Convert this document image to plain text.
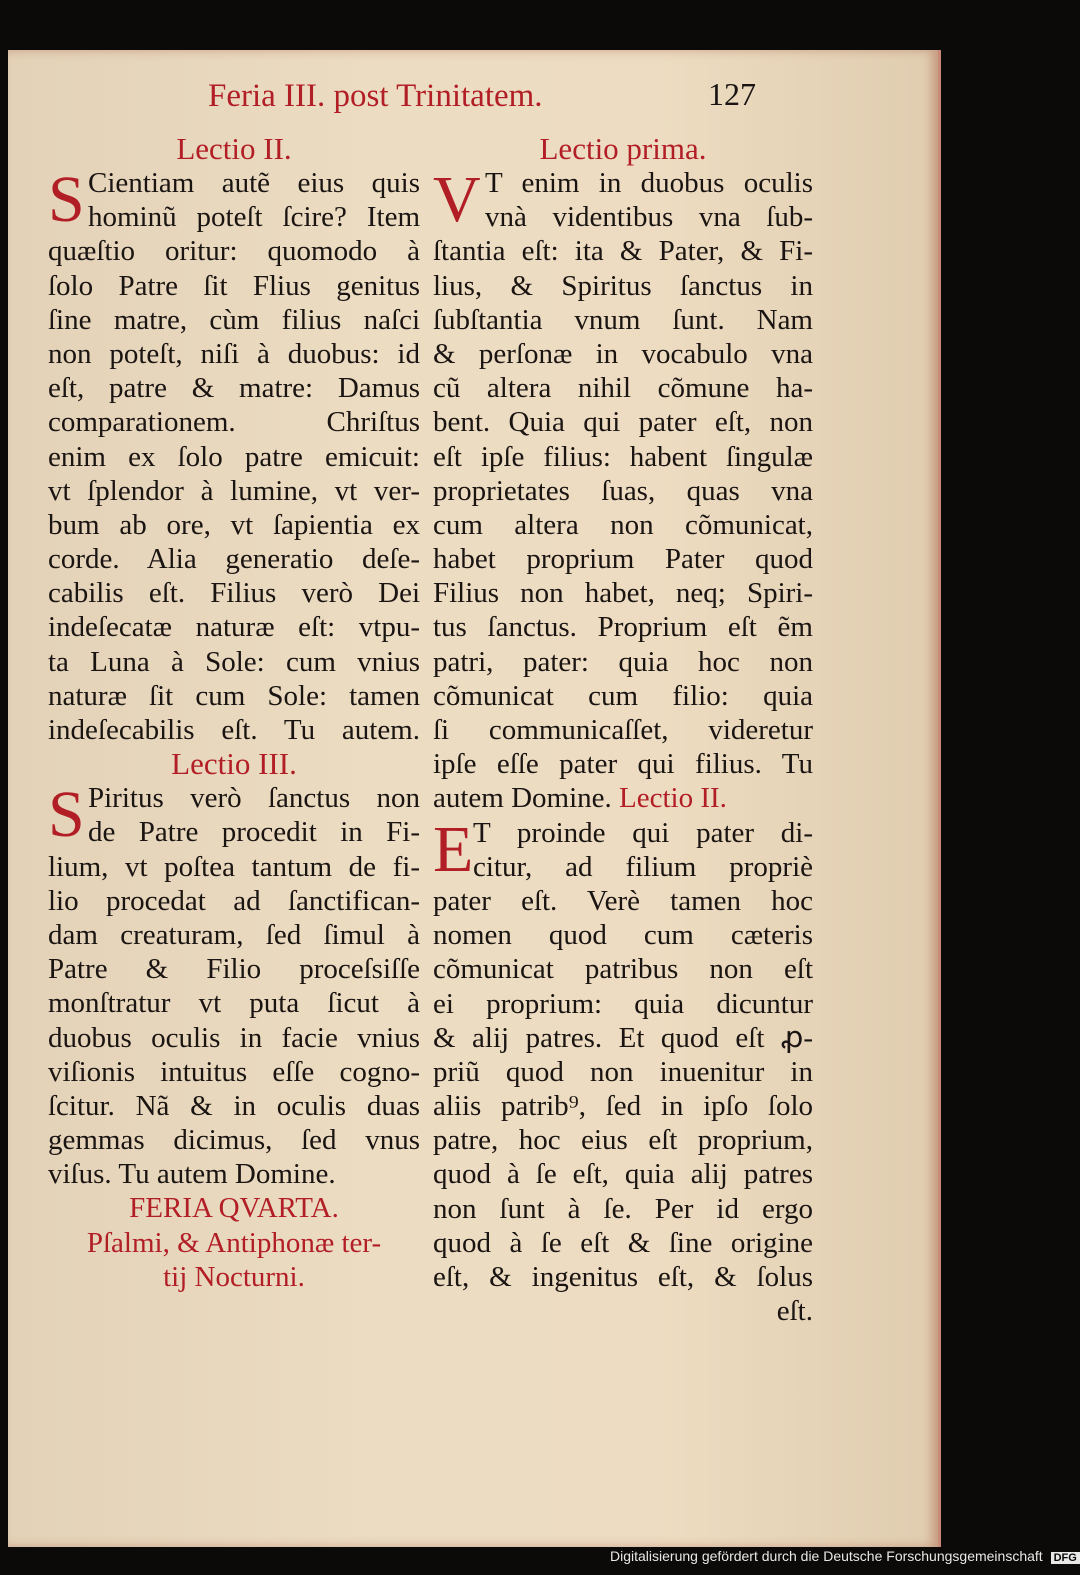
Feria III. post Trinitatem.	127
Lectio II.
S Cientiam autẽ eius quis
hominũ poteſt ſcire? Item
quæſtio oritur: quomodo à
ſolo Patre ſit Flius genitus
ſine matre, cùm filius naſci
non poteſt, niſi à duobus: id
eſt, patre & matre: Damus
comparationem. Chriſtus
enim ex ſolo patre emicuit:
vt ſplendor à lumine, vt ver-
bum ab ore, vt ſapientia ex
corde. Alia generatio deſe-
cabilis eſt. Filius verò Dei
indeſecatæ naturæ eſt: vtpu-
ta Luna à Sole: cum vnius
naturæ ſit cum Sole: tamen
indeſecabilis eſt. Tu autem.
Lectio III.
S Piritus verò ſanctus non
de Patre procedit in Fi-
lium, vt poſtea tantum de fi-
lio procedat ad ſanctifican-
dam creaturam, ſed ſimul à
Patre & Filio proceſsiſſe
monſtratur vt puta ſicut à
duobus oculis in facie vnius
viſionis intuitus eſſe cogno-
ſcitur. Nã & in oculis duas
gemmas dicimus, ſed vnus
viſus. Tu autem Domine.
FERIA QVARTA.
Pſalmi, & Antiphonæ ter-
tij Nocturni.
Lectio prima.
V T enim in duobus oculis
vnà videntibus vna ſub-
ſtantia eſt: ita & Pater, & Fi-
lius, & Spiritus ſanctus in
ſubſtantia vnum ſunt. Nam
& perſonæ in vocabulo vna
cũ altera nihil cõmune ha-
bent. Quia qui pater eſt, non
eſt ipſe filius: habent ſingulæ
proprietates ſuas, quas vna
cum altera non cõmunicat,
habet proprium Pater quod
Filius non habet, neq; Spiri-
tus ſanctus. Proprium eſt ẽm
patri, pater: quia hoc non
cõmunicat cum filio: quia
ſi communicaſſet, videretur
ipſe eſſe pater qui filius. Tu
autem Domine. Lectio II.
E T proinde qui pater di-
citur, ad filium propriè
pater eſt. Verè tamen hoc
nomen quod cum cæteris
cõmunicat patribus non eſt
ei proprium: quia dicuntur
& alij patres. Et quod eſt ꝓ-
priũ quod non inuenitur in
aliis patrib⁹, ſed in ipſo ſolo
patre, hoc eius eſt proprium,
quod à ſe eſt, quia alij patres
non ſunt à ſe. Per id ergo
quod à ſe eſt & ſine origine
eſt, & ingenitus eſt, & ſolus
eſt.
Digitalisierung gefördert durch die Deutsche Forschungsgemeinschaft DFG
